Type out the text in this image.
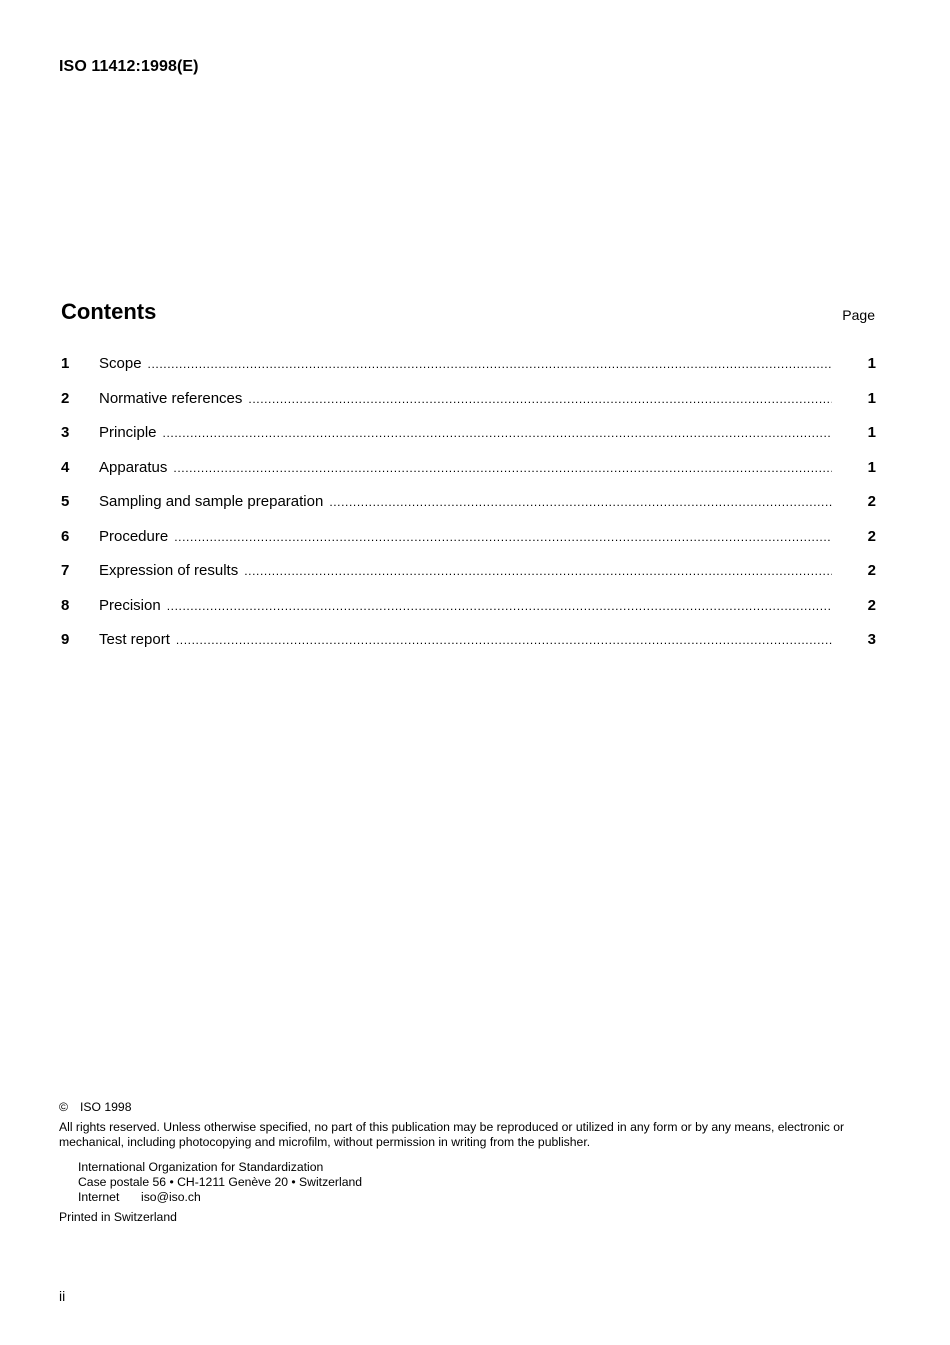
ISO 11412:1998(E)
Contents	Page
1	Scope .....	1
2	Normative references .....	1
3	Principle .....	1
4	Apparatus .....	1
5	Sampling and sample preparation .....	2
6	Procedure .....	2
7	Expression of results .....	2
8	Precision .....	2
9	Test report .....	3
© ISO 1998
All rights reserved. Unless otherwise specified, no part of this publication may be reproduced or utilized in any form or by any means, electronic or mechanical, including photocopying and microfilm, without permission in writing from the publisher.
International Organization for Standardization
Case postale 56 • CH-1211 Genève 20 • Switzerland
Internet iso@iso.ch
Printed in Switzerland
ii
